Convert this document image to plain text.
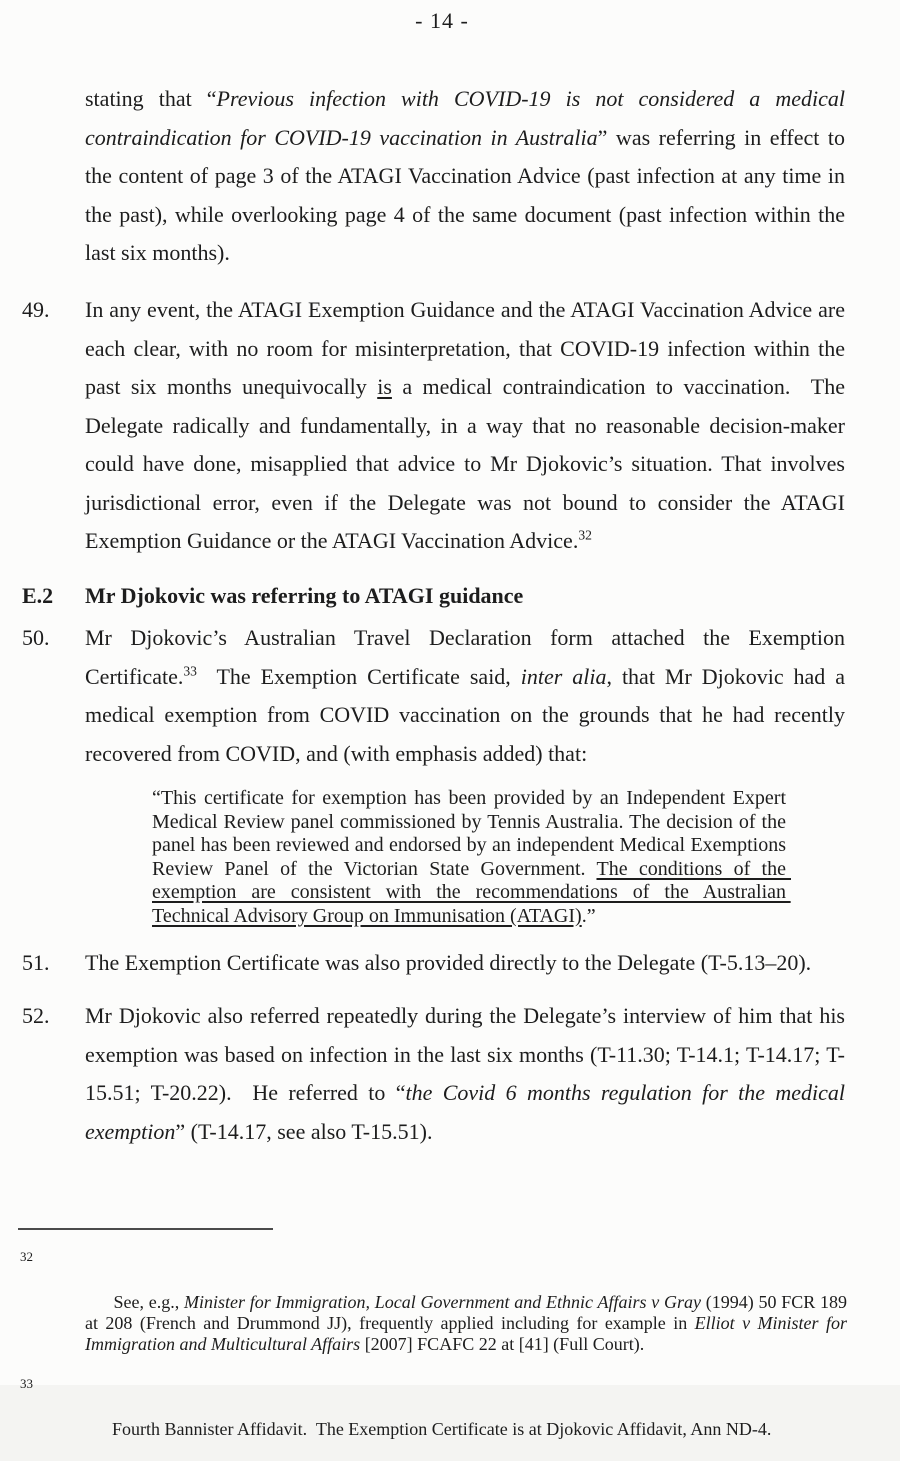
- 14 -
stating that “Previous infection with COVID-19 is not considered a medical contraindication for COVID-19 vaccination in Australia” was referring in effect to the content of page 3 of the ATAGI Vaccination Advice (past infection at any time in the past), while overlooking page 4 of the same document (past infection within the last six months).
49. In any event, the ATAGI Exemption Guidance and the ATAGI Vaccination Advice are each clear, with no room for misinterpretation, that COVID-19 infection within the past six months unequivocally is a medical contraindication to vaccination.  The Delegate radically and fundamentally, in a way that no reasonable decision-maker could have done, misapplied that advice to Mr Djokovic’s situation. That involves jurisdictional error, even if the Delegate was not bound to consider the ATAGI Exemption Guidance or the ATAGI Vaccination Advice.$^{32}$
E.2 Mr Djokovic was referring to ATAGI guidance
50. Mr Djokovic’s Australian Travel Declaration form attached the Exemption Certificate.$^{33}$  The Exemption Certificate said, inter alia, that Mr Djokovic had a medical exemption from COVID vaccination on the grounds that he had recently recovered from COVID, and (with emphasis added) that:
“This certificate for exemption has been provided by an Independent Expert Medical Review panel commissioned by Tennis Australia. The decision of the panel has been reviewed and endorsed by an independent Medical Exemptions Review Panel of the Victorian State Government. The conditions of the exemption are consistent with the recommendations of the Australian Technical Advisory Group on Immunisation (ATAGI).”
51. The Exemption Certificate was also provided directly to the Delegate (T-5.13–20).
52. Mr Djokovic also referred repeatedly during the Delegate’s interview of him that his exemption was based on infection in the last six months (T-11.30; T-14.1; T-14.17; T-15.51; T-20.22).  He referred to “the Covid 6 months regulation for the medical exemption” (T-14.17, see also T-15.51).

32

See, e.g., Minister for Immigration, Local Government and Ethnic Affairs v Gray (1994) 50 FCR 189 at 208 (French and Drummond JJ), frequently applied including for example in Elliot v Minister for Immigration and Multicultural Affairs [2007] FCAFC 22 at [41] (Full Court).

33

Fourth Bannister Affidavit.  The Exemption Certificate is at Djokovic Affidavit, Ann ND-4.
